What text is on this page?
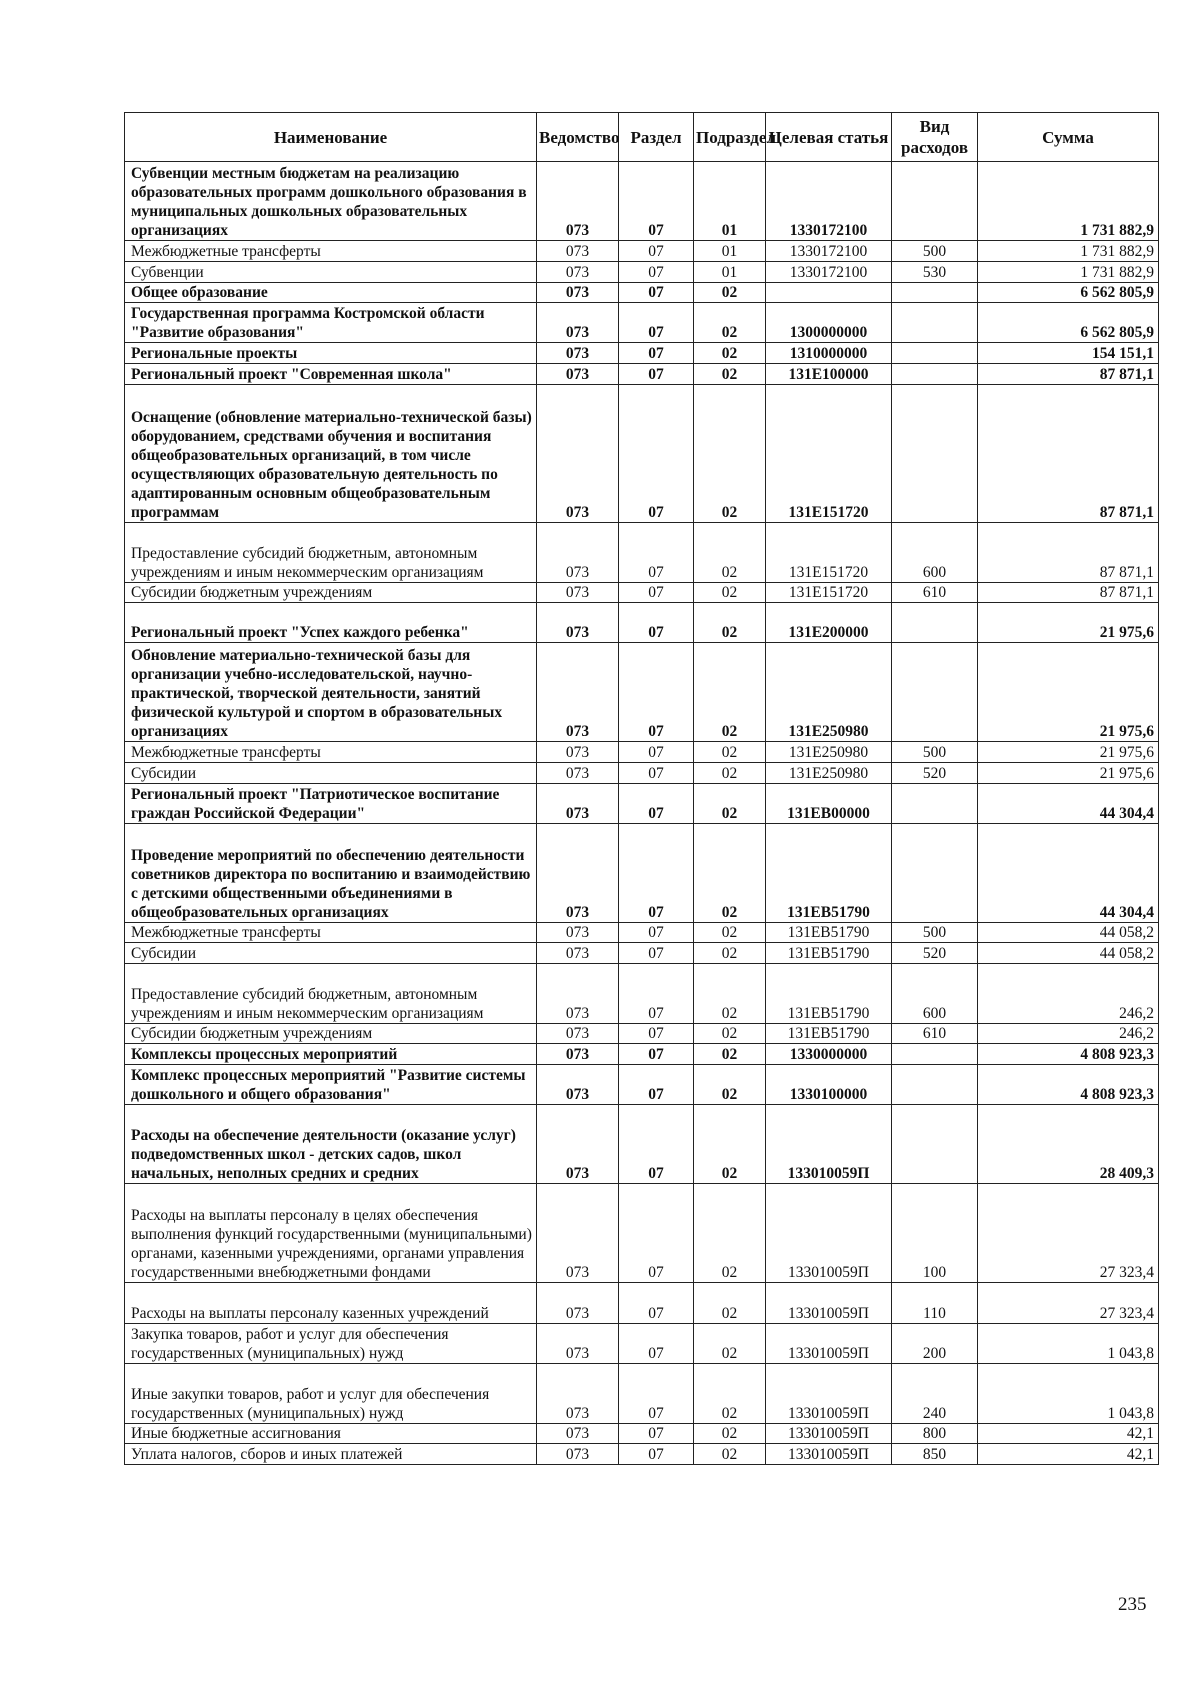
Наименование	Ведомство	Раздел	Подраздел	Целевая статья	Вид расходов	Сумма
Субвенции местным бюджетам на реализацию образовательных программ дошкольного образования в муниципальных дошкольных образовательных организациях	073	07	01	1330172100		1 731 882,9
Межбюджетные трансферты	073	07	01	1330172100	500	1 731 882,9
Субвенции	073	07	01	1330172100	530	1 731 882,9
Общее образование	073	07	02			6 562 805,9
Государственная программа Костромской области "Развитие образования"	073	07	02	1300000000		6 562 805,9
Региональные проекты	073	07	02	1310000000		154 151,1
Региональный проект "Современная школа"	073	07	02	131Е100000		87 871,1
Оснащение (обновление материально-технической базы) оборудованием, средствами обучения и воспитания общеобразовательных организаций, в том числе осуществляющих образовательную деятельность по адаптированным основным общеобразовательным программам	073	07	02	131Е151720		87 871,1
Предоставление субсидий бюджетным, автономным учреждениям и иным некоммерческим организациям	073	07	02	131Е151720	600	87 871,1
Субсидии бюджетным учреждениям	073	07	02	131Е151720	610	87 871,1
Региональный проект "Успех каждого ребенка"	073	07	02	131Е200000		21 975,6
Обновление материально-технической базы для организации учебно-исследовательской, научно-практической, творческой деятельности, занятий физической культурой и спортом в образовательных организациях	073	07	02	131Е250980		21 975,6
Межбюджетные трансферты	073	07	02	131Е250980	500	21 975,6
Субсидии	073	07	02	131Е250980	520	21 975,6
Региональный проект "Патриотическое воспитание граждан Российской Федерации"	073	07	02	131ЕВ00000		44 304,4
Проведение мероприятий по обеспечению деятельности советников директора по воспитанию и взаимодействию с детскими общественными объединениями в общеобразовательных организациях	073	07	02	131ЕВ51790		44 304,4
Межбюджетные трансферты	073	07	02	131ЕВ51790	500	44 058,2
Субсидии	073	07	02	131ЕВ51790	520	44 058,2
Предоставление субсидий бюджетным, автономным учреждениям и иным некоммерческим организациям	073	07	02	131ЕВ51790	600	246,2
Субсидии бюджетным учреждениям	073	07	02	131ЕВ51790	610	246,2
Комплексы процессных мероприятий	073	07	02	1330000000		4 808 923,3
Комплекс процессных мероприятий "Развитие системы дошкольного и общего образования"	073	07	02	1330100000		4 808 923,3
Расходы на обеспечение деятельности (оказание услуг) подведомственных школ - детских садов, школ начальных, неполных средних и средних	073	07	02	133010059П		28 409,3
Расходы на выплаты персоналу в целях обеспечения выполнения функций государственными (муниципальными) органами, казенными учреждениями, органами управления государственными внебюджетными фондами	073	07	02	133010059П	100	27 323,4
Расходы на выплаты персоналу казенных учреждений	073	07	02	133010059П	110	27 323,4
Закупка товаров, работ и услуг для обеспечения государственных (муниципальных) нужд	073	07	02	133010059П	200	1 043,8
Иные закупки товаров, работ и услуг для обеспечения государственных (муниципальных) нужд	073	07	02	133010059П	240	1 043,8
Иные бюджетные ассигнования	073	07	02	133010059П	800	42,1
Уплата налогов, сборов и иных платежей	073	07	02	133010059П	850	42,1
235
